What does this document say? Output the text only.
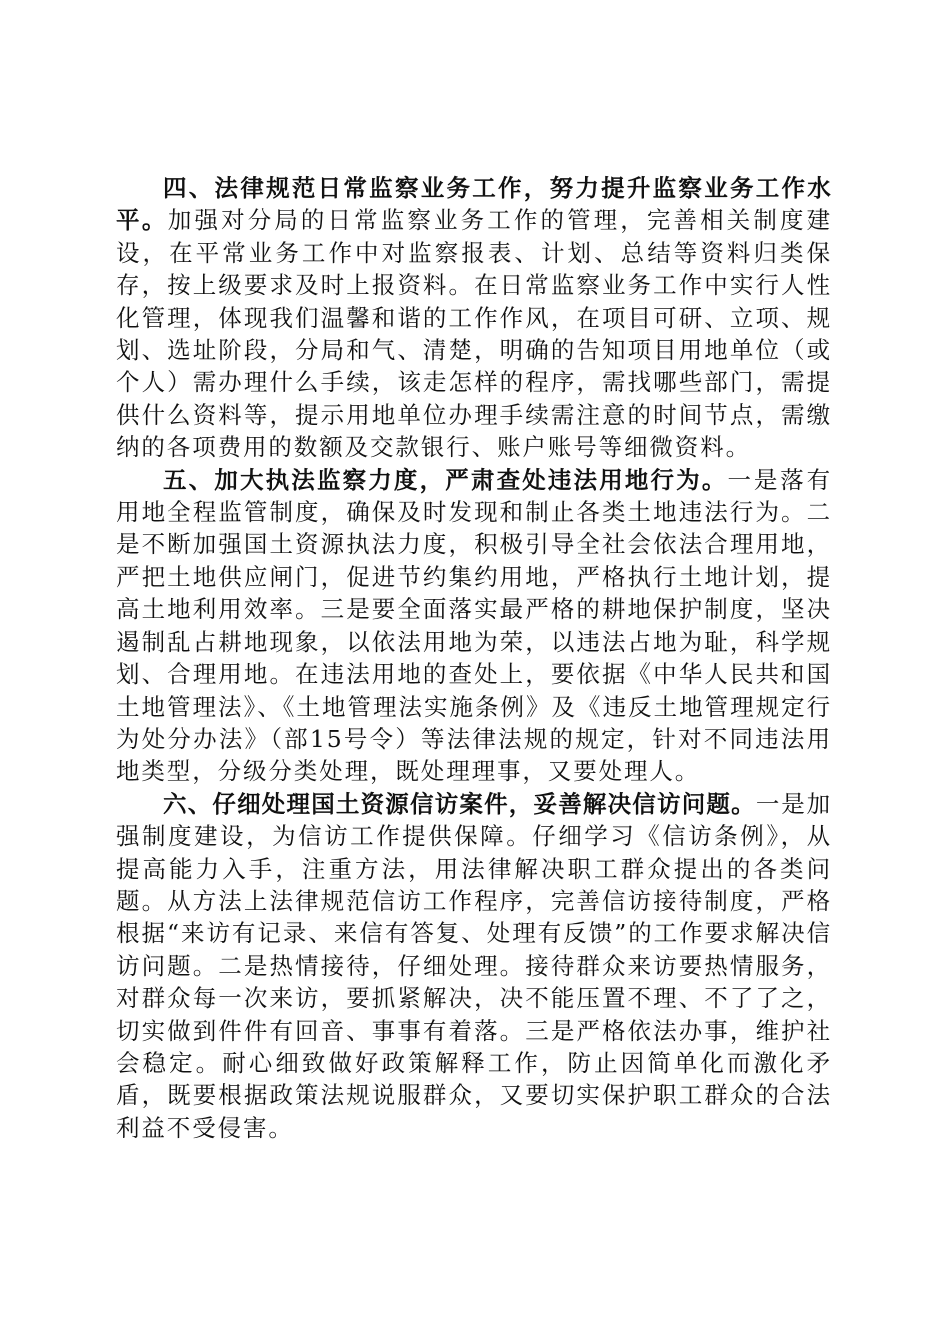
四、法律规范日常监察业务工作，努力提升监察业务工作水平。加强对分局的日常监察业务工作的管理，完善相关制度建设，在平常业务工作中对监察报表、计划、总结等资料归类保存，按上级要求及时上报资料。在日常监察业务工作中实行人性化管理，体现我们温馨和谐的工作作风，在项目可研、立项、规划、选址阶段，分局和气、清楚，明确的告知项目用地单位（或个人）需办理什么手续，该走怎样的程序，需找哪些部门，需提供什么资料等，提示用地单位办理手续需注意的时间节点，需缴纳的各项费用的数额及交款银行、账户账号等细微资料。

五、加大执法监察力度，严肃查处违法用地行为。一是落有用地全程监管制度，确保及时发现和制止各类土地违法行为。二是不断加强国土资源执法力度，积极引导全社会依法合理用地，严把土地供应闸门，促进节约集约用地，严格执行土地计划，提高土地利用效率。三是要全面落实最严格的耕地保护制度，坚决遏制乱占耕地现象，以依法用地为荣，以违法占地为耻，科学规划、合理用地。在违法用地的查处上，要依据《中华人民共和国土地管理法》、《土地管理法实施条例》及《违反土地管理规定行为处分办法》（部15号令）等法律法规的规定，针对不同违法用地类型，分级分类处理，既处理理事，又要处理人。

六、仔细处理国土资源信访案件，妥善解决信访问题。一是加强制度建设，为信访工作提供保障。仔细学习《信访条例》，从提高能力入手，注重方法，用法律解决职工群众提出的各类问题。从方法上法律规范信访工作程序，完善信访接待制度，严格根据“来访有记录、来信有答复、处理有反馈”的工作要求解决信访问题。二是热情接待，仔细处理。接待群众来访要热情服务，对群众每一次来访，要抓紧解决，决不能压置不理、不了了之，切实做到件件有回音、事事有着落。三是严格依法办事，维护社会稳定。耐心细致做好政策解释工作，防止因简单化而激化矛盾，既要根据政策法规说服群众，又要切实保护职工群众的合法利益不受侵害。
